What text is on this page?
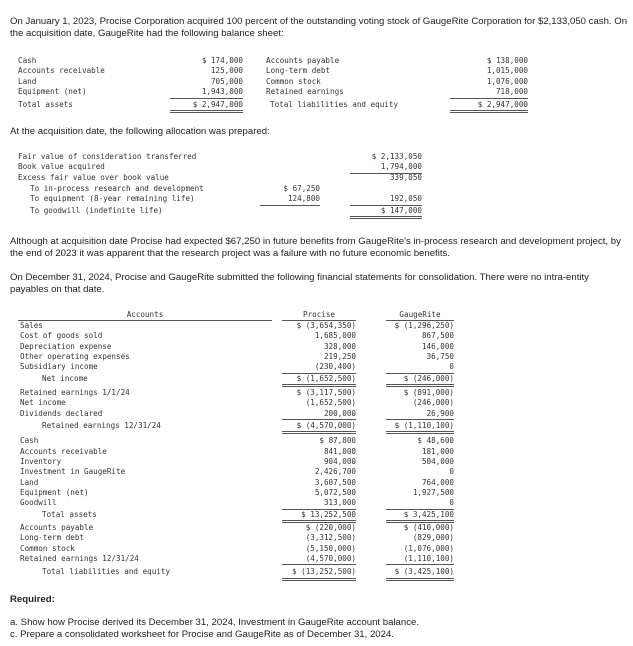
On January 1, 2023, Procise Corporation acquired 100 percent of the outstanding voting stock of GaugeRite Corporation for $2,133,050 cash. On the acquisition date, GaugeRite had the following balance sheet:
Cash	$ 174,000
Accounts receivable	125,000
Land	705,000
Equipment (net)	1,943,000
Total assets	$ 2,947,000
Accounts payable	$ 138,000
Long-term debt	1,015,000
Common stock	1,076,000
Retained earnings	718,000
Total liabilities and equity	$ 2,947,000
At the acquisition date, the following allocation was prepared:
Fair value of consideration transferred	$ 2,133,050
Book value acquired	1,794,000
Excess fair value over book value	339,050
To in-process research and development	$ 67,250
To equipment (8-year remaining life)	124,800	192,050
To goodwill (indefinite life)	$ 147,000
Although at acquisition date Procise had expected $67,250 in future benefits from GaugeRite's in-process research and development project, by the end of 2023 it was apparent that the research project was a failure with no future economic benefits.
On December 31, 2024, Procise and GaugeRite submitted the following financial statements for consolidation. There were no intra-entity payables on that date.
Accounts	Procise	GaugeRite
Sales	$ (3,654,350)	$ (1,296,250)
Cost of goods sold	1,685,000	867,500
Depreciation expense	328,000	146,000
Other operating expenses	219,250	36,750
Subsidiary income	(230,400)	0
Net income	$ (1,652,500)	$ (246,000)
Retained earnings 1/1/24	$ (3,117,500)	$ (891,000)
Net income	(1,652,500)	(246,000)
Dividends declared	200,000	26,900
Retained earnings 12/31/24	$ (4,570,000)	$ (1,110,100)
Cash	$ 87,800	$ 48,600
Accounts receivable	841,000	181,000
Inventory	904,000	504,000
Investment in GaugeRite	2,426,700	0
Land	3,607,500	764,000
Equipment (net)	5,072,500	1,927,500
Goodwill	313,000	0
Total assets	$ 13,252,500	$ 3,425,100
Accounts payable	$ (220,000)	$ (410,000)
Long-term debt	(3,312,500)	(829,000)
Common stock	(5,150,000)	(1,076,000)
Retained earnings 12/31/24	(4,570,000)	(1,110,100)
Total liabilities and equity	$ (13,252,500)	$ (3,425,100)
Required:
a. Show how Procise derived its December 31, 2024, Investment in GaugeRite account balance.
c. Prepare a consolidated worksheet for Procise and GaugeRite as of December 31, 2024.
